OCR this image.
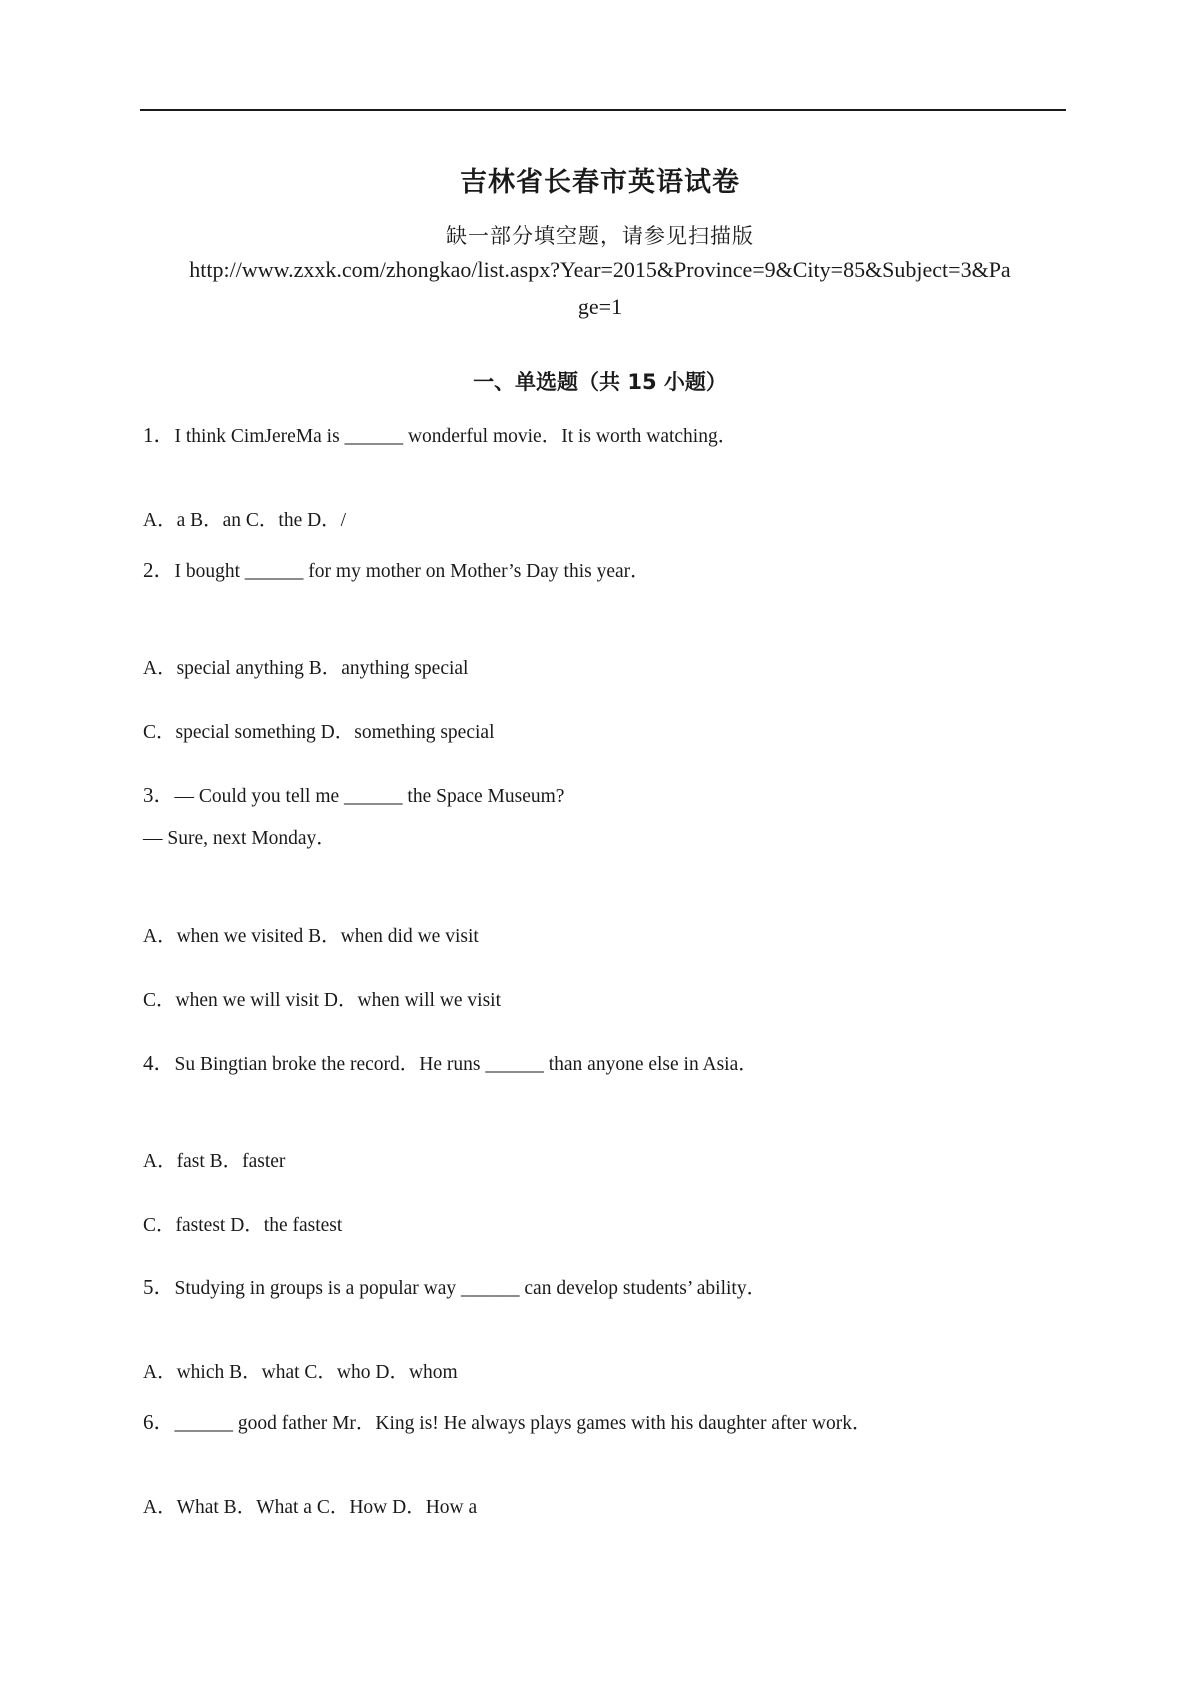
吉林省长春市英语试卷
缺一部分填空题，请参见扫描版
http://www.zxxk.com/zhongkao/list.aspx?Year=2015&Province=9&City=85&Subject=3&Pa
ge=1
一、单选题（共 15 小题）
1．I think CimJereMa is ______ wonderful movie．It is worth watching．
A．a B．an C．the D．/
2．I bought ______ for my mother on Mother’s Day this year．
A．special anything B．anything special
C．special something D．something special
3．— Could you tell me ______ the Space Museum?
— Sure, next Monday．
A．when we visited B．when did we visit
C．when we will visit D．when will we visit
4．Su Bingtian broke the record．He runs ______ than anyone else in Asia．
A．fast B．faster
C．fastest D．the fastest
5．Studying in groups is a popular way ______ can develop students’ ability．
A．which B．what C．who D．whom
6．______ good father Mr．King is! He always plays games with his daughter after work．
A．What B．What a C．How D．How a
